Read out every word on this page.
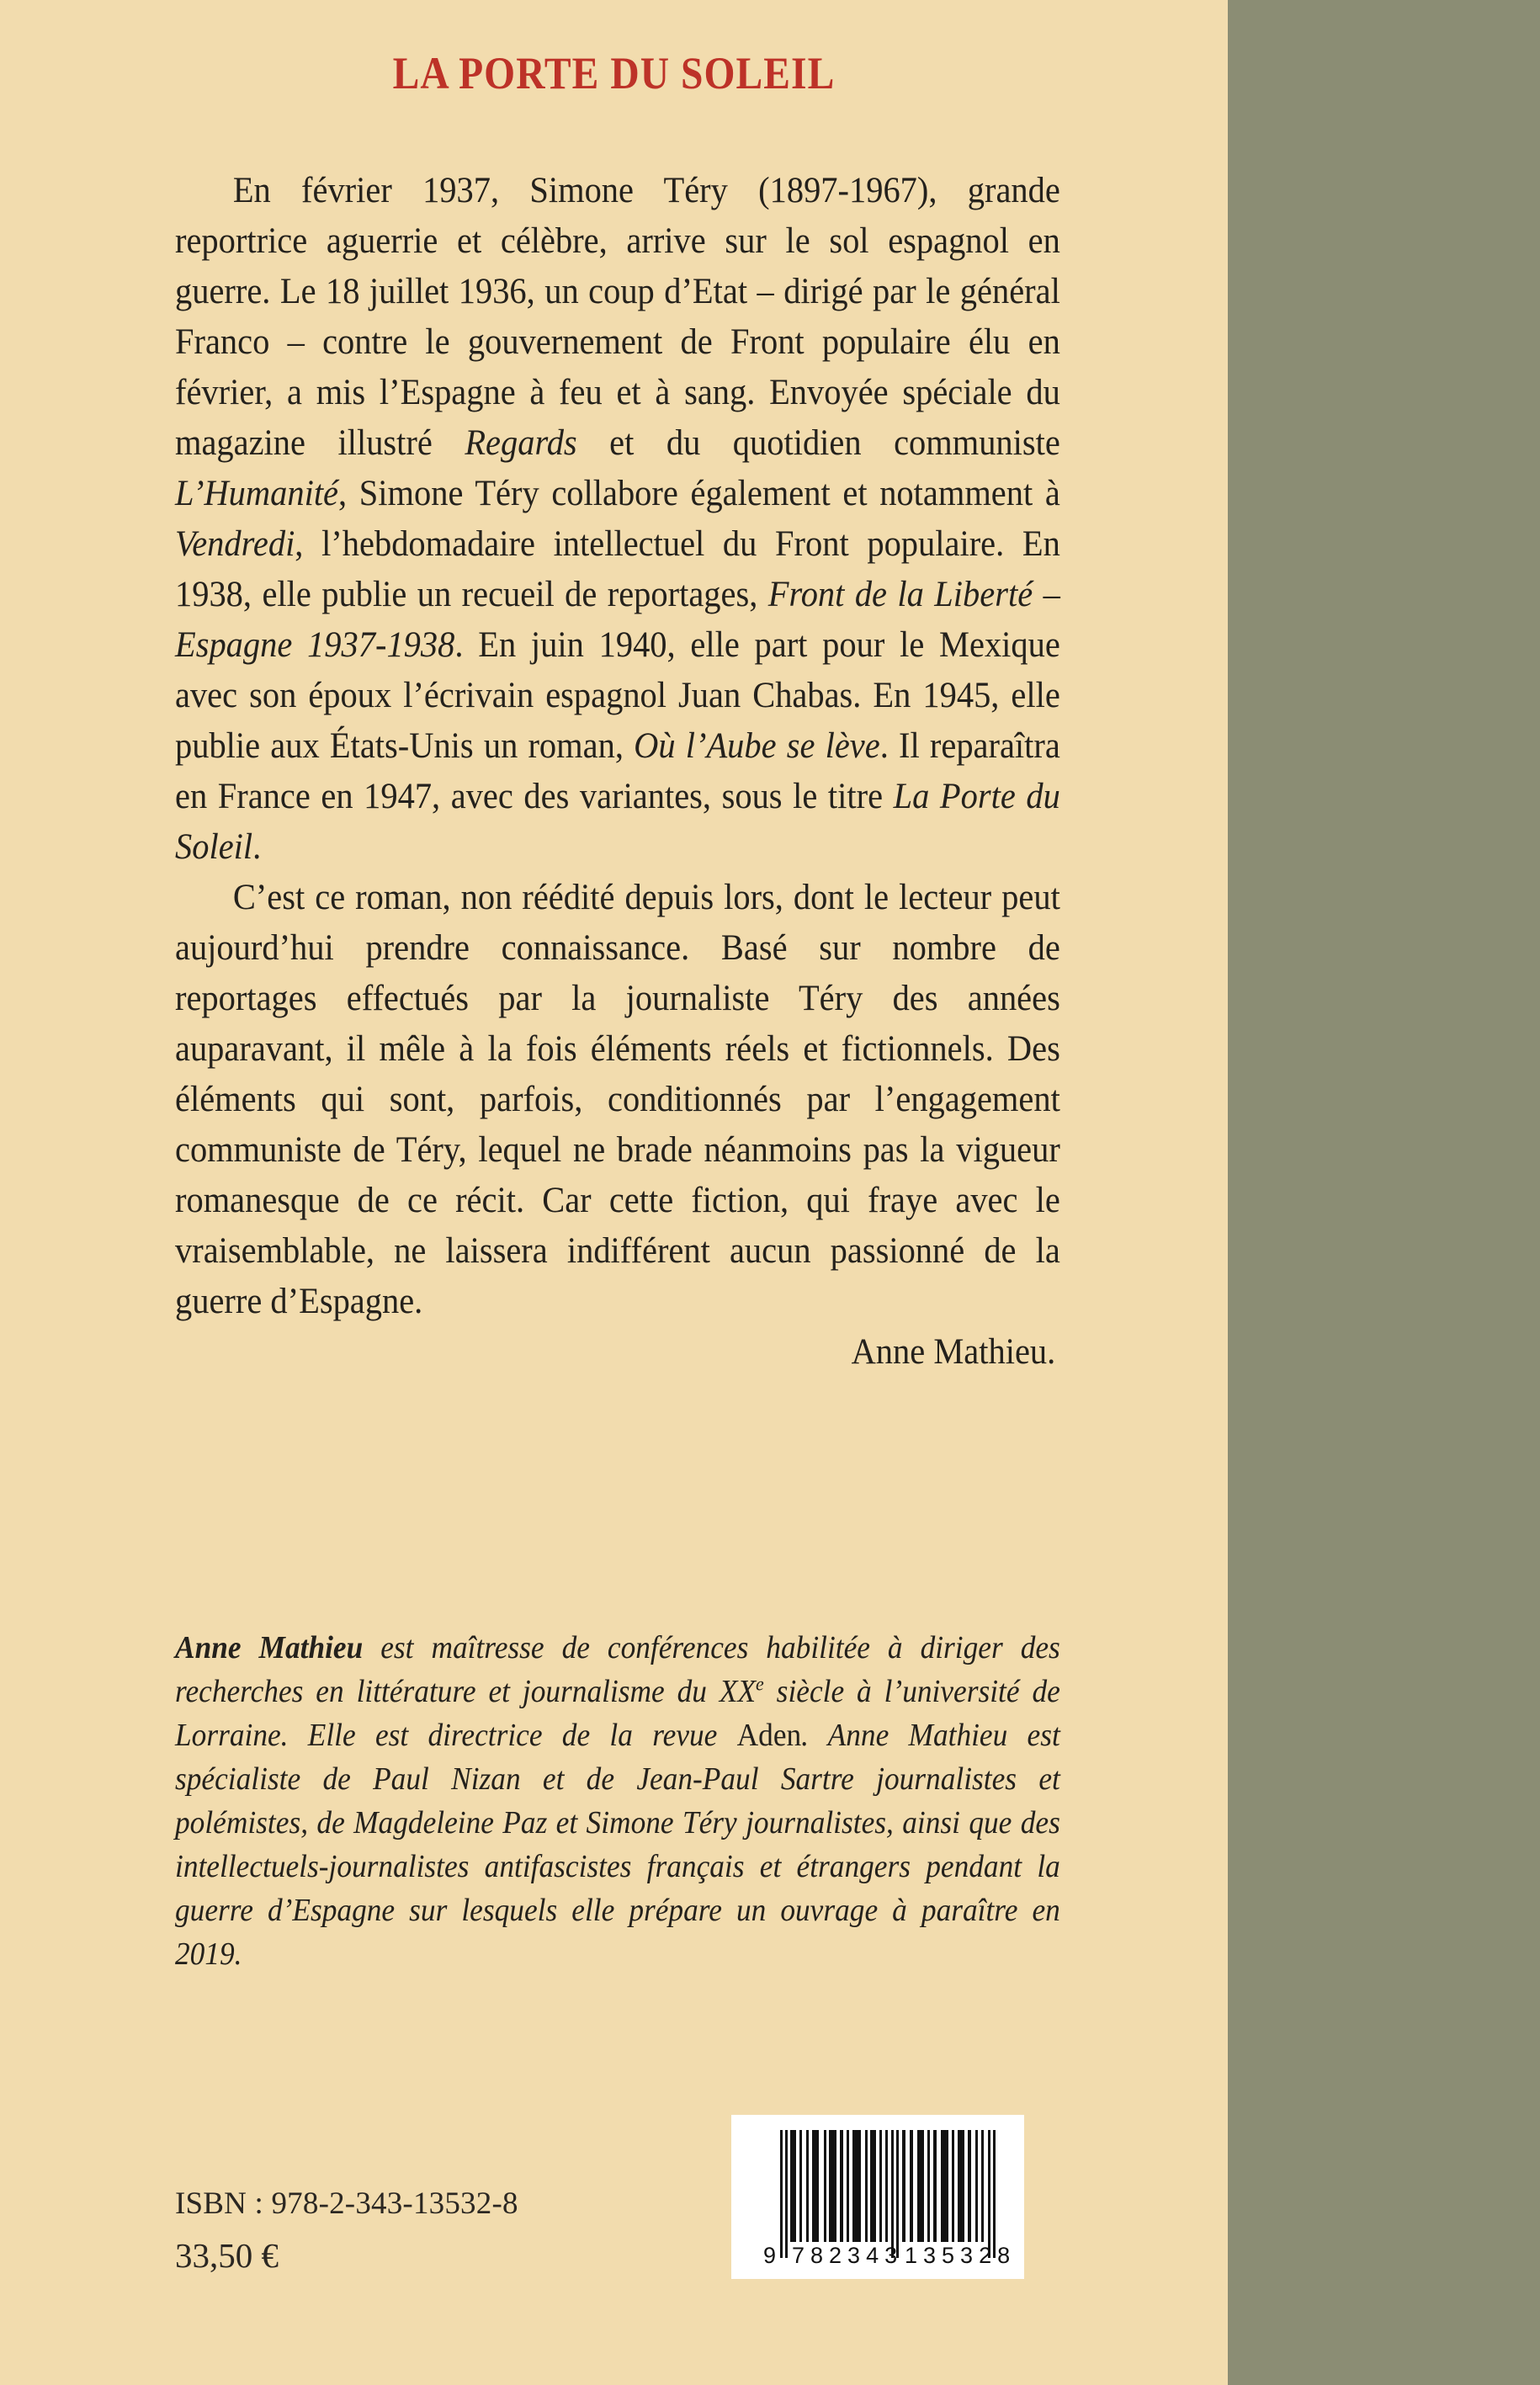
LA PORTE DU SOLEIL

En février 1937, Simone Téry (1897-1967), grande reportrice aguerrie et célèbre, arrive sur le sol espagnol en guerre. Le 18 juillet 1936, un coup d’Etat – dirigé par le général Franco – contre le gouvernement de Front populaire élu en février, a mis l’Espagne à feu et à sang. Envoyée spéciale du magazine illustré Regards et du quotidien communiste L’Humanité, Simone Téry collabore également et notamment à Vendredi, l’hebdomadaire intellectuel du Front populaire. En 1938, elle publie un recueil de reportages, Front de la Liberté – Espagne 1937-1938. En juin 1940, elle part pour le Mexique avec son époux l’écrivain espagnol Juan Chabas. En 1945, elle publie aux États-Unis un roman, Où l’Aube se lève. Il reparaîtra en France en 1947, avec des variantes, sous le titre La Porte du Soleil.

C’est ce roman, non réédité depuis lors, dont le lecteur peut aujourd’hui prendre connaissance. Basé sur nombre de reportages effectués par la journaliste Téry des années auparavant, il mêle à la fois éléments réels et fictionnels. Des éléments qui sont, parfois, conditionnés par l’engagement communiste de Téry, lequel ne brade néanmoins pas la vigueur romanesque de ce récit. Car cette fiction, qui fraye avec le vraisemblable, ne laissera indifférent aucun passionné de la guerre d’Espagne.

Anne Mathieu.

Anne Mathieu est maîtresse de conférences habilitée à diriger des recherches en littérature et journalisme du XXe siècle à l’université de Lorraine. Elle est directrice de la revue Aden. Anne Mathieu est spécialiste de Paul Nizan et de Jean-Paul Sartre journalistes et polémistes, de Magdeleine Paz et Simone Téry journalistes, ainsi que des intellectuels-journalistes antifascistes français et étrangers pendant la guerre d’Espagne sur lesquels elle prépare un ouvrage à paraître en 2019.

ISBN : 978-2-343-13532-8
33,50 €	9 782343 135328
